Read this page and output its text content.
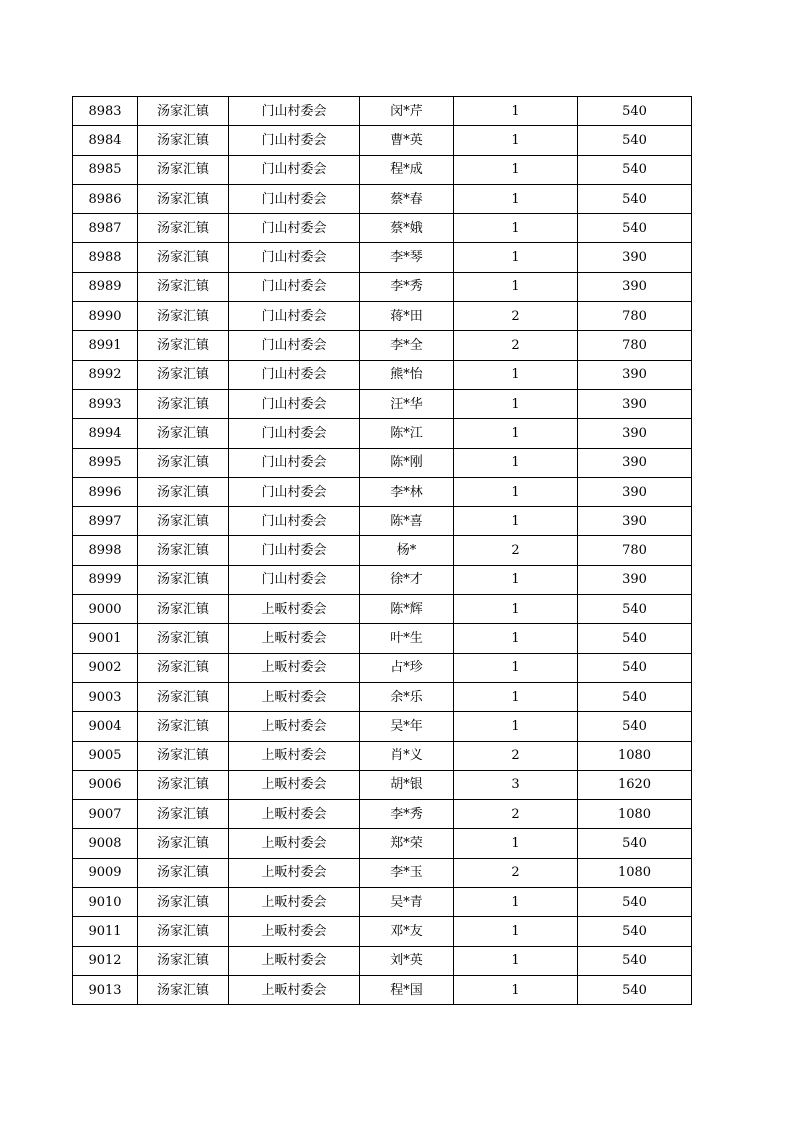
8983	汤家汇镇	门山村委会	闵*芹	1	540
8984	汤家汇镇	门山村委会	曹*英	1	540
8985	汤家汇镇	门山村委会	程*成	1	540
8986	汤家汇镇	门山村委会	蔡*春	1	540
8987	汤家汇镇	门山村委会	蔡*娥	1	540
8988	汤家汇镇	门山村委会	李*琴	1	390
8989	汤家汇镇	门山村委会	李*秀	1	390
8990	汤家汇镇	门山村委会	蒋*田	2	780
8991	汤家汇镇	门山村委会	李*全	2	780
8992	汤家汇镇	门山村委会	熊*怡	1	390
8993	汤家汇镇	门山村委会	汪*华	1	390
8994	汤家汇镇	门山村委会	陈*江	1	390
8995	汤家汇镇	门山村委会	陈*刚	1	390
8996	汤家汇镇	门山村委会	李*林	1	390
8997	汤家汇镇	门山村委会	陈*喜	1	390
8998	汤家汇镇	门山村委会	杨*	2	780
8999	汤家汇镇	门山村委会	徐*才	1	390
9000	汤家汇镇	上畈村委会	陈*辉	1	540
9001	汤家汇镇	上畈村委会	叶*生	1	540
9002	汤家汇镇	上畈村委会	占*珍	1	540
9003	汤家汇镇	上畈村委会	余*乐	1	540
9004	汤家汇镇	上畈村委会	吴*年	1	540
9005	汤家汇镇	上畈村委会	肖*义	2	1080
9006	汤家汇镇	上畈村委会	胡*银	3	1620
9007	汤家汇镇	上畈村委会	李*秀	2	1080
9008	汤家汇镇	上畈村委会	郑*荣	1	540
9009	汤家汇镇	上畈村委会	李*玉	2	1080
9010	汤家汇镇	上畈村委会	吴*青	1	540
9011	汤家汇镇	上畈村委会	邓*友	1	540
9012	汤家汇镇	上畈村委会	刘*英	1	540
9013	汤家汇镇	上畈村委会	程*国	1	540
